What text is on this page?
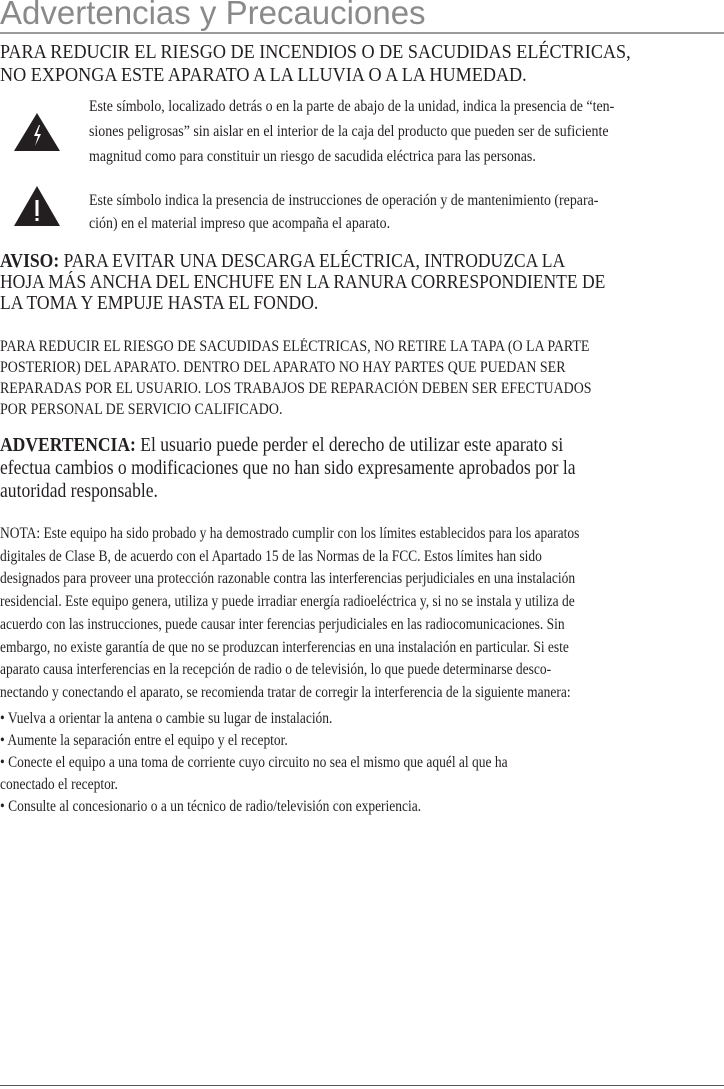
Advertencias y Precauciones
PARA REDUCIR EL RIESGO DE INCENDIOS O DE SACUDIDAS ELÉCTRICAS,
NO EXPONGA ESTE APARATO A LA LLUVIA O A LA HUMEDAD.
Este símbolo, localizado detrás o en la parte de abajo de la unidad, indica la presencia de “ten-
siones peligrosas” sin aislar en el interior de la caja del producto que pueden ser de suficiente
magnitud como para constituir un riesgo de sacudida eléctrica para las personas.
Este símbolo indica la presencia de instrucciones de operación y de mantenimiento (repara-
ción) en el material impreso que acompaña el aparato.
AVISO: PARA EVITAR UNA DESCARGA ELÉCTRICA, INTRODUZCA LA
HOJA MÁS ANCHA DEL ENCHUFE EN LA RANURA CORRESPONDIENTE DE
LA TOMA Y EMPUJE HASTA EL FONDO.
PARA REDUCIR EL RIESGO DE SACUDIDAS ELÉCTRICAS, NO RETIRE LA TAPA (O LA PARTE
POSTERIOR) DEL APARATO. DENTRO DEL APARATO NO HAY PARTES QUE PUEDAN SER
REPARADAS POR EL USUARIO. LOS TRABAJOS DE REPARACIÓN DEBEN SER EFECTUADOS
POR PERSONAL DE SERVICIO CALIFICADO.
ADVERTENCIA: El usuario puede perder el derecho de utilizar este aparato si
efectua cambios o modificaciones que no han sido expresamente aprobados por la
autoridad responsable.
NOTA: Este equipo ha sido probado y ha demostrado cumplir con los límites establecidos para los aparatos
digitales de Clase B, de acuerdo con el Apartado 15 de las Normas de la FCC. Estos límites han sido
designados para proveer una protección razonable contra las interferencias perjudiciales en una instalación
residencial. Este equipo genera, utiliza y puede irradiar energía radioeléctrica y, si no se instala y utiliza de
acuerdo con las instrucciones, puede causar inter ferencias perjudiciales en las radiocomunicaciones. Sin
embargo, no existe garantía de que no se produzcan interferencias en una instalación en particular. Si este
aparato causa interferencias en la recepción de radio o de televisión, lo que puede determinarse desco-
nectando y conectando el aparato, se recomienda tratar de corregir la interferencia de la siguiente manera:
• Vuelva a orientar la antena o cambie su lugar de instalación.
• Aumente la separación entre el equipo y el receptor.
• Conecte el equipo a una toma de corriente cuyo circuito no sea el mismo que aquél al que ha
conectado el receptor.
• Consulte al concesionario o a un técnico de radio/televisión con experiencia.
